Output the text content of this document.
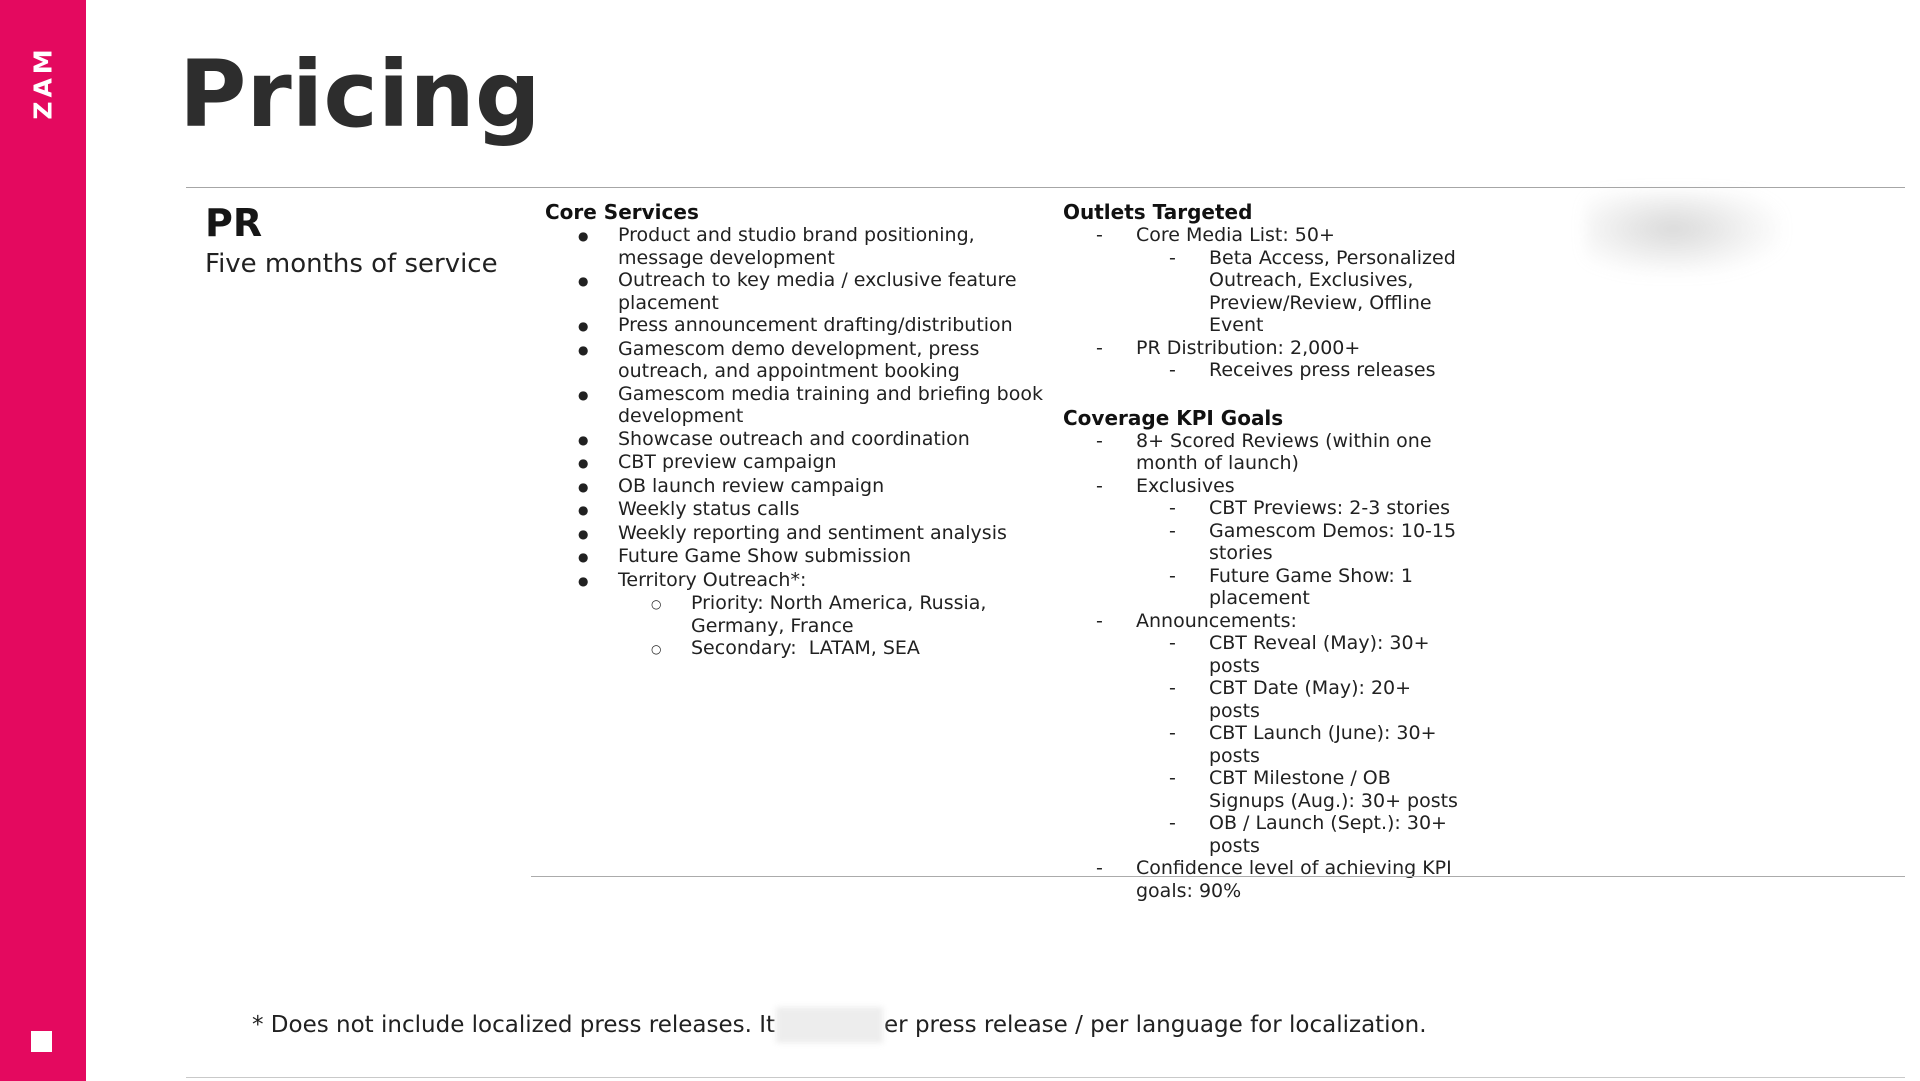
ZAM Pricing
PR
Five months of service
Core Services
●	Product and studio brand positioning, message development
●	Outreach to key media / exclusive feature placement
●	Press announcement drafting/distribution
●	Gamescom demo development, press outreach, and appointment booking
●	Gamescom media training and briefing book development
●	Showcase outreach and coordination
●	CBT preview campaign
●	OB launch review campaign
●	Weekly status calls
●	Weekly reporting and sentiment analysis
●	Future Game Show submission
●	Territory Outreach*:
○	Priority: North America, Russia, Germany, France
○	Secondary:  LATAM, SEA
Outlets Targeted
-	Core Media List: 50+
-	Beta Access, Personalized Outreach, Exclusives, Preview/Review, Offline Event
-	PR Distribution: 2,000+
-	Receives press releases
Coverage KPI Goals
-	8+ Scored Reviews (within one month of launch)
-	Exclusives
-	CBT Previews: 2-3 stories
-	Gamescom Demos: 10-15 stories
-	Future Game Show: 1 placement
-	Announcements:
-	CBT Reveal (May): 30+ posts
-	CBT Date (May): 20+ posts
-	CBT Launch (June): 30+ posts
-	CBT Milestone / OB Signups (Aug.): 30+ posts
-	OB / Launch (Sept.): 30+ posts
-	Confidence level of achieving KPI goals: 90%
* Does not include localized press releases. It	er press release / per language for localization.
